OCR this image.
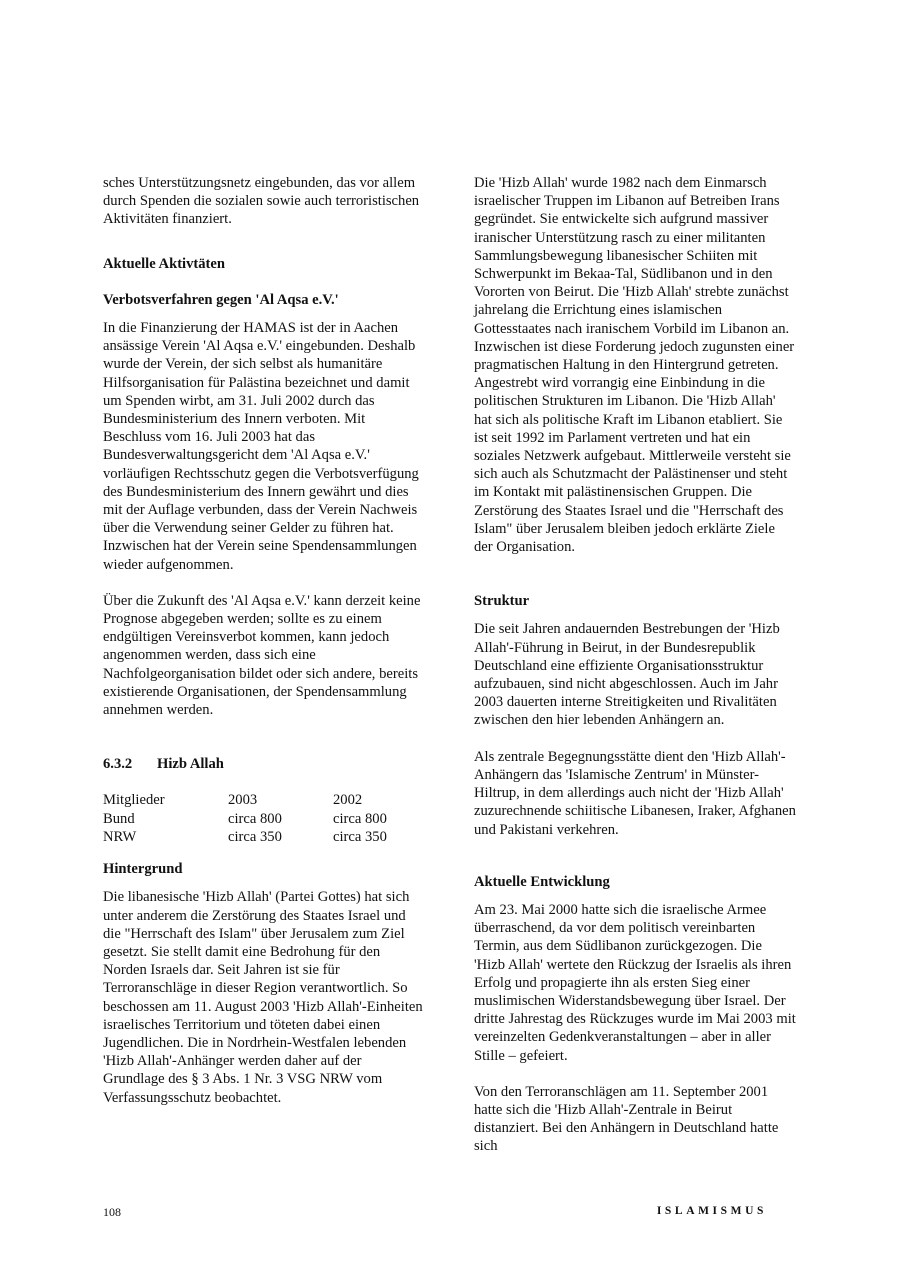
sches Unterstützungsnetz eingebunden, das vor allem durch Spenden die sozialen sowie auch terroristischen Aktivitäten finanziert.

Aktuelle Aktivtäten

Verbotsverfahren gegen 'Al Aqsa e.V.'

In die Finanzierung der HAMAS ist der in Aachen ansässige Verein 'Al Aqsa e.V.' eingebunden. Deshalb wurde der Verein, der sich selbst als humanitäre Hilfsorganisation für Palästina bezeichnet und damit um Spenden wirbt, am 31. Juli 2002 durch das Bundesministerium des Innern verboten. Mit Beschluss vom 16. Juli 2003 hat das Bundesverwaltungsgericht dem 'Al Aqsa e.V.' vorläufigen Rechtsschutz gegen die Verbotsverfügung des Bundesministerium des Innern gewährt und dies mit der Auflage verbunden, dass der Verein Nachweis über die Verwendung seiner Gelder zu führen hat. Inzwischen hat der Verein seine Spendensammlungen wieder aufgenommen.

Über die Zukunft des 'Al Aqsa e.V.' kann derzeit keine Prognose abgegeben werden; sollte es zu einem endgültigen Vereinsverbot kommen, kann jedoch angenommen werden, dass sich eine Nachfolgeorganisation bildet oder sich andere, bereits existierende Organisationen, der Spendensammlung annehmen werden.

6.3.2	Hizb Allah
Mitglieder	2003	2002
Bund	circa 800	circa 800
NRW	circa 350	circa 350

Hintergrund

Die libanesische 'Hizb Allah' (Partei Gottes) hat sich unter anderem die Zerstörung des Staates Israel und die "Herrschaft des Islam" über Jerusalem zum Ziel gesetzt. Sie stellt damit eine Bedrohung für den Norden Israels dar. Seit Jahren ist sie für Terroranschläge in dieser Region verantwortlich. So beschossen am 11. August 2003 'Hizb Allah'-Einheiten israelisches Territorium und töteten dabei einen Jugendlichen. Die in Nordrhein-Westfalen lebenden 'Hizb Allah'-Anhänger werden daher auf der Grundlage des § 3 Abs. 1 Nr. 3 VSG NRW vom Verfassungsschutz beobachtet.

Die 'Hizb Allah' wurde 1982 nach dem Einmarsch israelischer Truppen im Libanon auf Betreiben Irans gegründet. Sie entwickelte sich aufgrund massiver iranischer Unterstützung rasch zu einer militanten Sammlungsbewegung libanesischer Schiiten mit Schwerpunkt im Bekaa-Tal, Südlibanon und in den Vororten von Beirut. Die 'Hizb Allah' strebte zunächst jahrelang die Errichtung eines islamischen Gottesstaates nach iranischem Vorbild im Libanon an. Inzwischen ist diese Forderung jedoch zugunsten einer pragmatischen Haltung in den Hintergrund getreten. Angestrebt wird vorrangig eine Einbindung in die politischen Strukturen im Libanon. Die 'Hizb Allah' hat sich als politische Kraft im Libanon etabliert. Sie ist seit 1992 im Parlament vertreten und hat ein soziales Netzwerk aufgebaut. Mittlerweile versteht sie sich auch als Schutzmacht der Palästinenser und steht im Kontakt mit palästinensischen Gruppen. Die Zerstörung des Staates Israel und die "Herrschaft des Islam" über Jerusalem bleiben jedoch erklärte Ziele der Organisation.

Struktur

Die seit Jahren andauernden Bestrebungen der 'Hizb Allah'-Führung in Beirut, in der Bundesrepublik Deutschland eine effiziente Organisationsstruktur aufzubauen, sind nicht abgeschlossen. Auch im Jahr 2003 dauerten interne Streitigkeiten und Rivalitäten zwischen den hier lebenden Anhängern an.

Als zentrale Begegnungsstätte dient den 'Hizb Allah'-Anhängern das 'Islamische Zentrum' in Münster-Hiltrup, in dem allerdings auch nicht der 'Hizb Allah' zuzurechnende schiitische Libanesen, Iraker, Afghanen und Pakistani verkehren.

Aktuelle Entwicklung

Am 23. Mai 2000 hatte sich die israelische Armee überraschend, da vor dem politisch vereinbarten Termin, aus dem Südlibanon zurückgezogen. Die 'Hizb Allah' wertete den Rückzug der Israelis als ihren Erfolg und propagierte ihn als ersten Sieg einer muslimischen Widerstandsbewegung über Israel. Der dritte Jahrestag des Rückzuges wurde im Mai 2003 mit vereinzelten Gedenkveranstaltungen – aber in aller Stille – gefeiert.

Von den Terroranschlägen am 11. September 2001 hatte sich die 'Hizb Allah'-Zentrale in Beirut distanziert. Bei den Anhängern in Deutschland hatte sich

108	ISLAMISMUS
